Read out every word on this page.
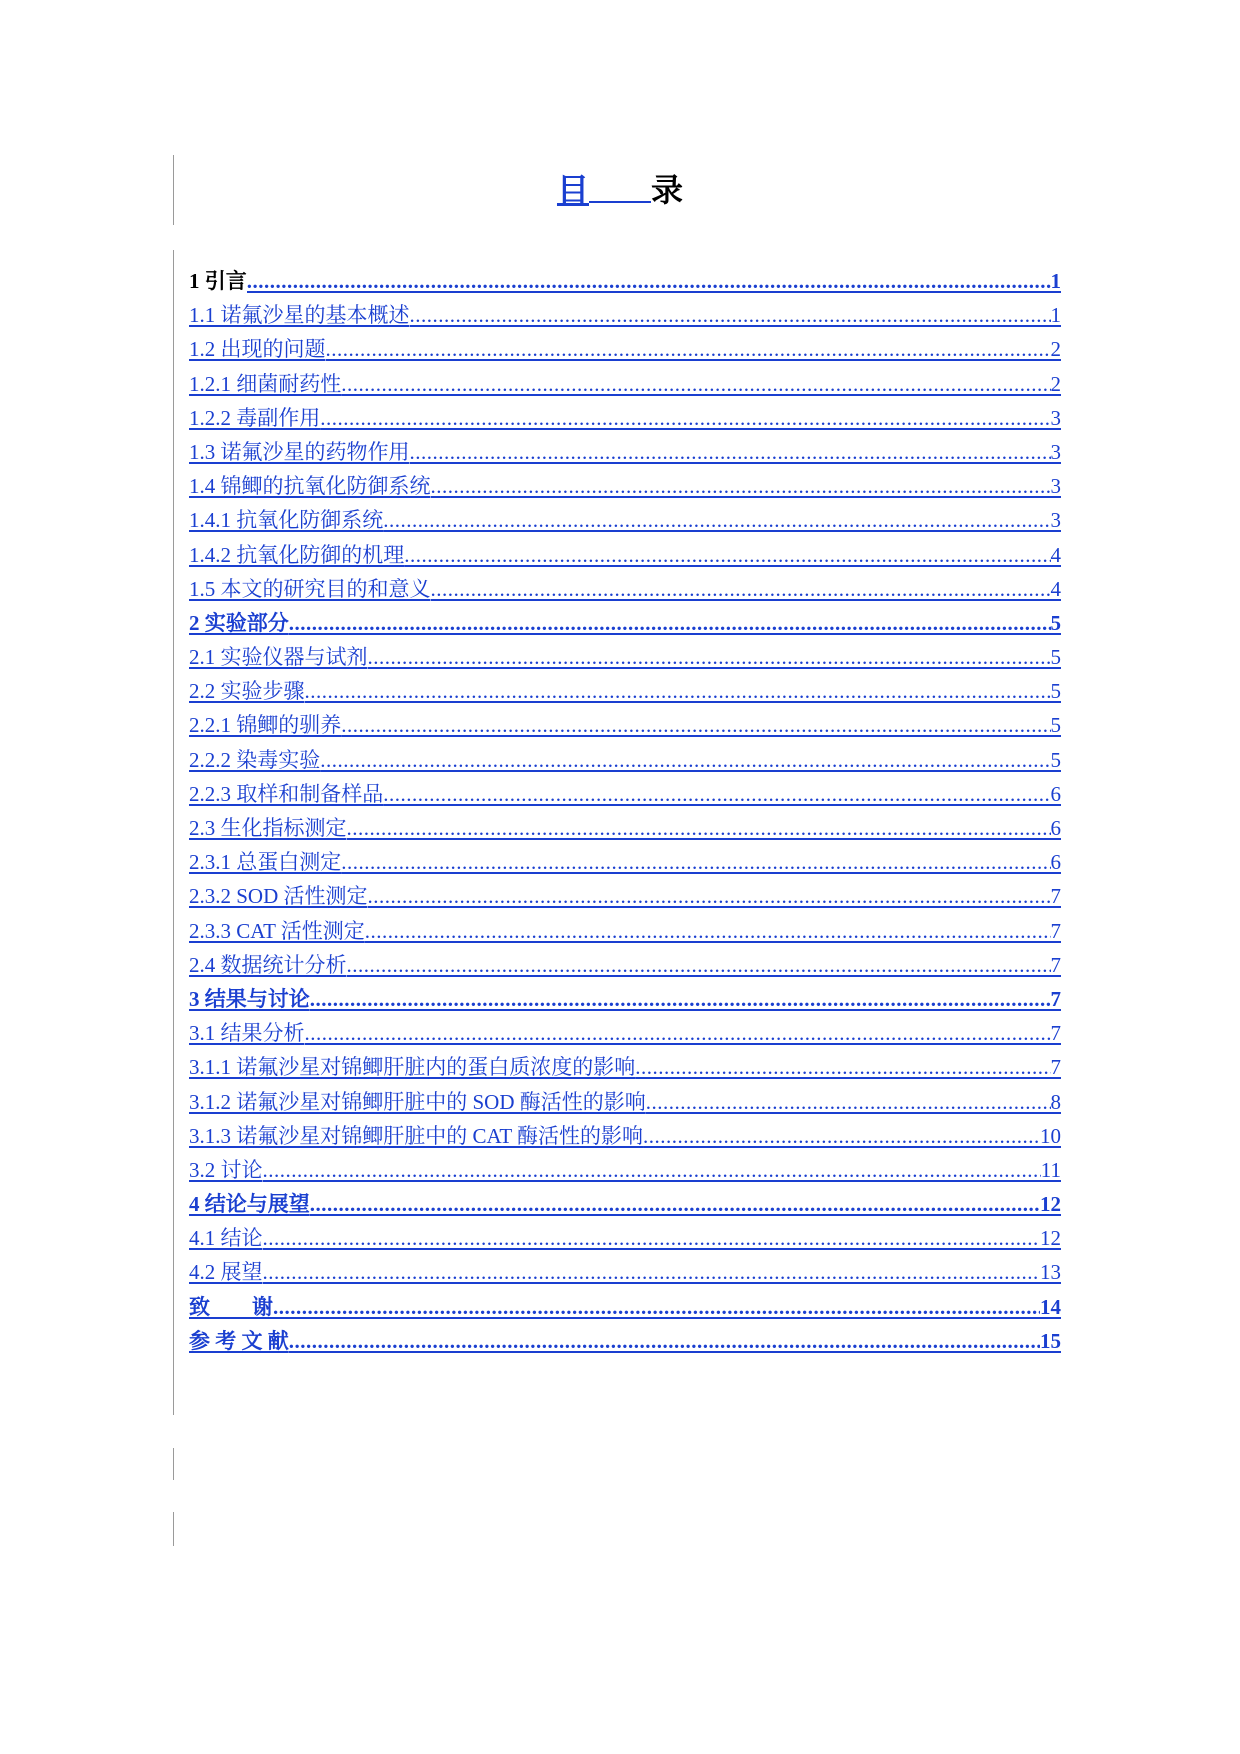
目 录
1 引言 .....	1
1.1 诺氟沙星的基本概述 .....	1
1.2 出现的问题 .....	2
1.2.1 细菌耐药性 .....	2
1.2.2 毒副作用 .....	3
1.3 诺氟沙星的药物作用 .....	3
1.4 锦鲫的抗氧化防御系统 .....	3
1.4.1 抗氧化防御系统 .....	3
1.4.2 抗氧化防御的机理 .....	4
1.5 本文的研究目的和意义 .....	4
2 实验部分 .....	5
2.1 实验仪器与试剂 .....	5
2.2 实验步骤 .....	5
2.2.1 锦鲫的驯养 .....	5
2.2.2 染毒实验 .....	5
2.2.3 取样和制备样品 .....	6
2.3 生化指标测定 .....	6
2.3.1 总蛋白测定 .....	6
2.3.2 SOD 活性测定 .....	7
2.3.3 CAT 活性测定 .....	7
2.4 数据统计分析 .....	7
3 结果与讨论 .....	7
3.1 结果分析 .....	7
3.1.1 诺氟沙星对锦鲫肝脏内的蛋白质浓度的影响 .....	7
3.1.2 诺氟沙星对锦鲫肝脏中的 SOD 酶活性的影响 .....	8
3.1.3 诺氟沙星对锦鲫肝脏中的 CAT 酶活性的影响 .....	10
3.2 讨论 .....	11
4 结论与展望 .....	12
4.1 结论 .....	12
4.2 展望 .....	13
致　　谢 .....	14
参 考 文 献 .....	15
